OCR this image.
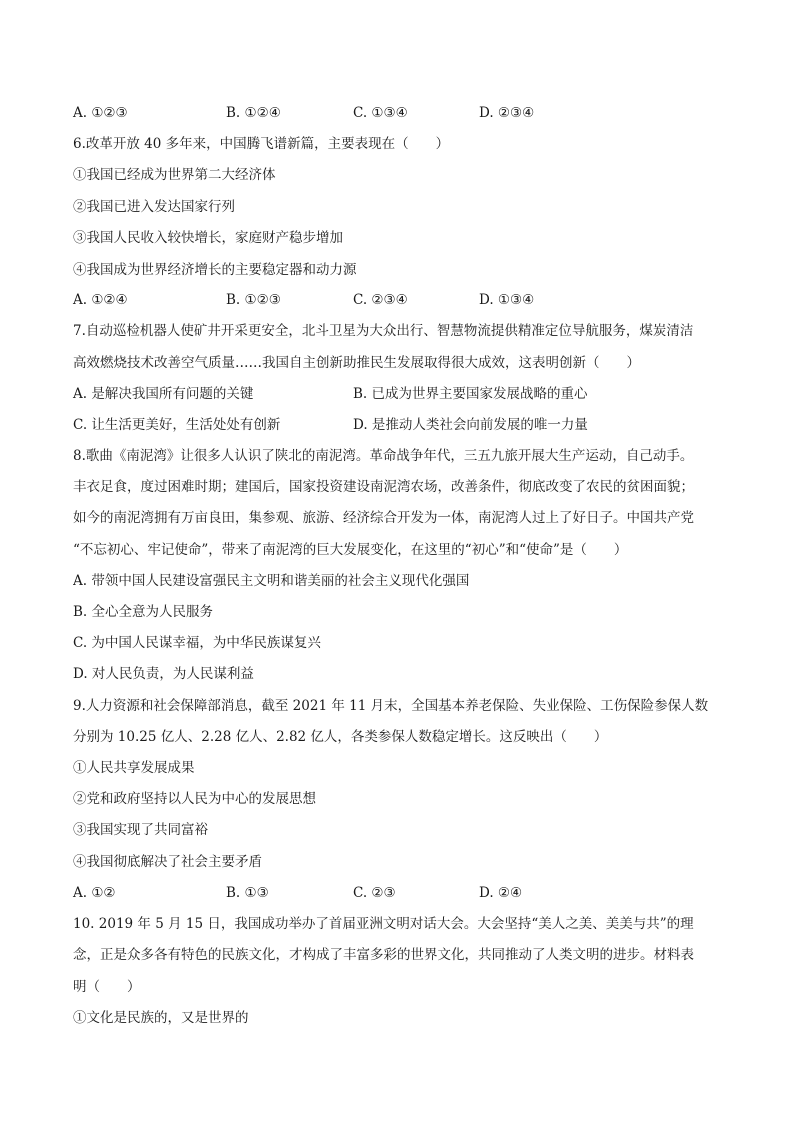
A. ①②③	B. ①②④	C. ①③④	D. ②③④
6.改革开放 40 多年来，中国腾飞谱新篇，主要表现在（　　）
①我国已经成为世界第二大经济体
②我国已进入发达国家行列
③我国人民收入较快增长，家庭财产稳步增加
④我国成为世界经济增长的主要稳定器和动力源
A. ①②④	B. ①②③	C. ②③④	D. ①③④
7.自动巡检机器人使矿井开采更安全，北斗卫星为大众出行、智慧物流提供精准定位导航服务，煤炭清洁
高效燃烧技术改善空气质量……我国自主创新助推民生发展取得很大成效，这表明创新（　　）
A. 是解决我国所有问题的关键	B. 已成为世界主要国家发展战略的重心
C. 让生活更美好，生活处处有创新	D. 是推动人类社会向前发展的唯一力量
8.歌曲《南泥湾》让很多人认识了陕北的南泥湾。革命战争年代，三五九旅开展大生产运动，自己动手。
丰衣足食，度过困难时期；建国后，国家投资建设南泥湾农场，改善条件，彻底改变了农民的贫困面貌；
如今的南泥湾拥有万亩良田，集参观、旅游、经济综合开发为一体，南泥湾人过上了好日子。中国共产党
“不忘初心、牢记使命”，带来了南泥湾的巨大发展变化，在这里的“初心”和“使命”是（　　）
A. 带领中国人民建设富强民主文明和谐美丽的社会主义现代化强国
B. 全心全意为人民服务
C. 为中国人民谋幸福，为中华民族谋复兴
D. 对人民负责，为人民谋利益
9.人力资源和社会保障部消息，截至 2021 年 11 月末，全国基本养老保险、失业保险、工伤保险参保人数
分别为 10.25 亿人、2.28 亿人、2.82 亿人，各类参保人数稳定增长。这反映出（　　）
①人民共享发展成果
②党和政府坚持以人民为中心的发展思想
③我国实现了共同富裕
④我国彻底解决了社会主要矛盾
A. ①②	B. ①③	C. ②③	D. ②④
10. 2019 年 5 月 15 日，我国成功举办了首届亚洲文明对话大会。大会坚持“美人之美、美美与共”的理
念，正是众多各有特色的民族文化，才构成了丰富多彩的世界文化，共同推动了人类文明的进步。材料表
明（　　）
①文化是民族的，又是世界的
